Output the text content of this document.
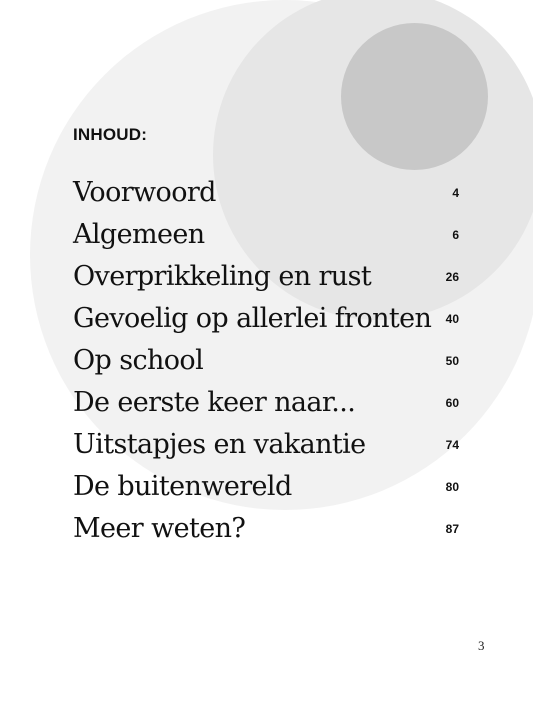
INHOUD:
Voorwoord	4
Algemeen	6
Overprikkeling en rust	26
Gevoelig op allerlei fronten	40
Op school	50
De eerste keer naar...	60
Uitstapjes en vakantie	74
De buitenwereld	80
Meer weten?	87
3
